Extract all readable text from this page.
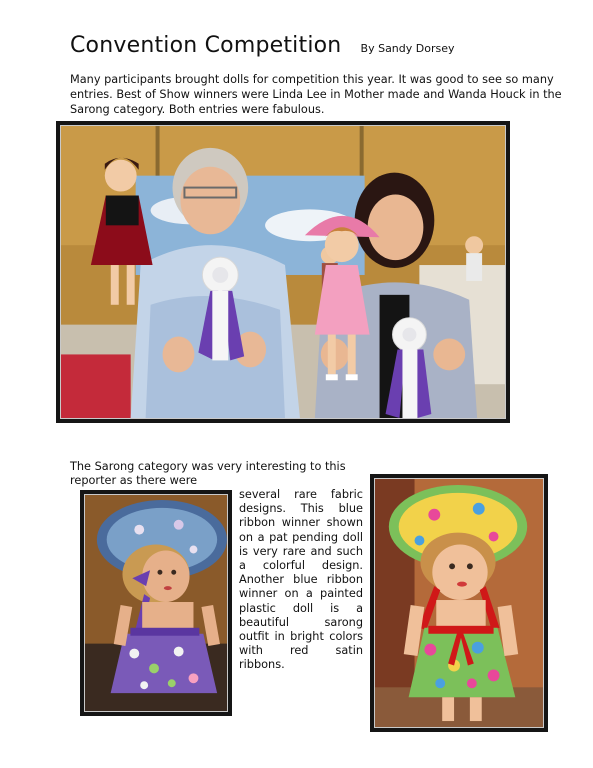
Convention Competition By Sandy Dorsey

Many participants brought dolls for competition this year. It was good to see so many entries. Best of Show winners were Linda Lee in Mother made and Wanda Houck in the Sarong category. Both entries were fabulous.

The Sarong category was very interesting to this reporter as there were

several rare fabric designs. This blue ribbon winner shown on a pat pending doll is very rare and such a colorful design. Another blue ribbon winner on a painted plastic doll is a beautiful sarong outfit in bright colors with red satin ribbons.
